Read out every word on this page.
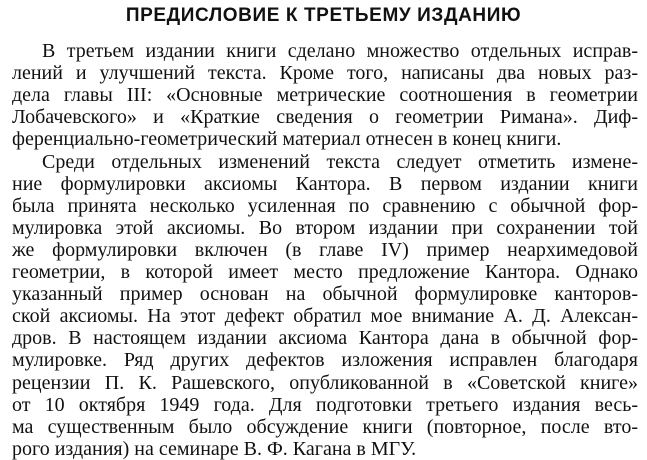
ПРЕДИСЛОВИЕ К ТРЕТЬЕМУ ИЗДАНИЮ
В третьем издании книги сделано множество отдельных исправ-
лений и улучшений текста. Кроме того, написаны два новых раз-
дела главы III: «Основные метрические соотношения в геометрии
Лобачевского» и «Краткие сведения о геометрии Римана». Диф-
ференциально-геометрический материал отнесен в конец книги.
Среди отдельных изменений текста следует отметить измене-
ние формулировки аксиомы Кантора. В первом издании книги
была принята несколько усиленная по сравнению с обычной фор-
мулировка этой аксиомы. Во втором издании при сохранении той
же формулировки включен (в главе IV) пример неархимедовой
геометрии, в которой имеет место предложение Кантора. Однако
указанный пример основан на обычной формулировке канторов-
ской аксиомы. На этот дефект обратил мое внимание А. Д. Алексан-
дров. В настоящем издании аксиома Кантора дана в обычной фор-
мулировке. Ряд других дефектов изложения исправлен благодаря
рецензии П. К. Рашевского, опубликованной в «Советской книге»
от 10 октября 1949 года. Для подготовки третьего издания весь-
ма существенным было обсуждение книги (повторное, после вто-
рого издания) на семинаре В. Ф. Кагана в МГУ.
